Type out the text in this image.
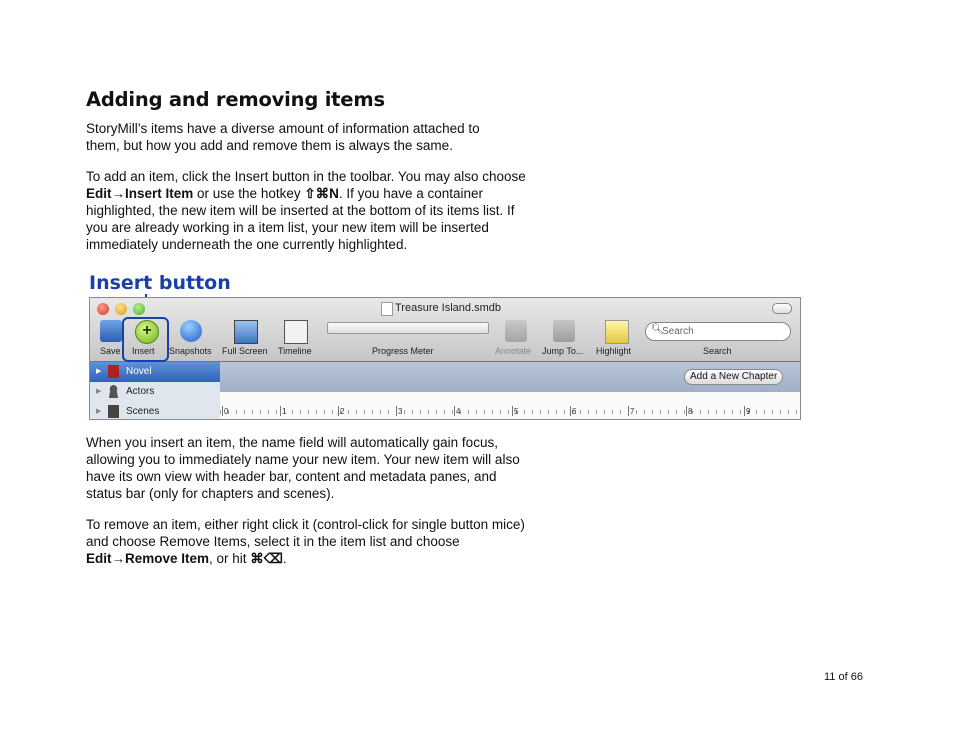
Adding and removing items

StoryMill’s items have a diverse amount of information attached to them, but how you add and remove them is always the same.

To add an item, click the Insert button in the toolbar. You may also choose Edit→Insert Item or use the hotkey ⇧⌘N. If you have a container highlighted, the new item will be inserted at the bottom of its items list. If you are already working in a item list, your new item will be inserted immediately underneath the one currently highlighted.

Insert button
Treasure Island.smdb
Save
+
Insert Snapshots Full Screen Timeline	Progress Meter	Annotate Jump To... Highlight
🔍︎
Search
Search
▶ Novel
▶ Actors
▶ Scenes
Add a New Chapter
0	1	2	3	4	5	6	7	8	9

When you insert an item, the name field will automatically gain focus, allowing you to immediately name your new item. Your new item will also have its own view with header bar, content and metadata panes, and status bar (only for chapters and scenes).

To remove an item, either right click it (control-click for single button mice) and choose Remove Items, select it in the item list and choose Edit→Remove Item, or hit ⌘⌫.

11 of 66
